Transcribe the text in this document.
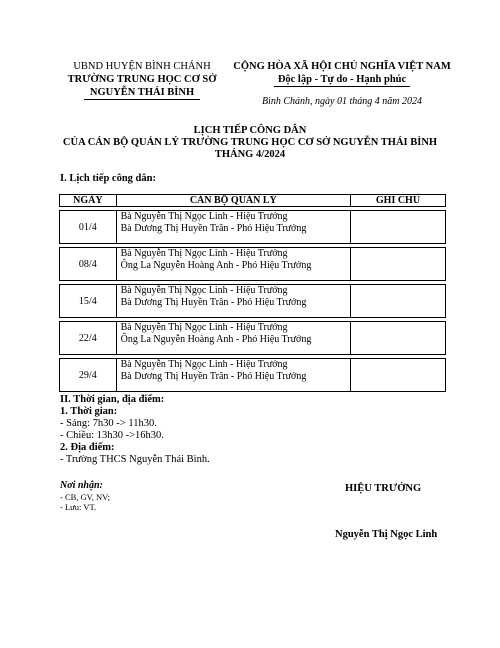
UBND HUYỆN BÌNH CHÁNH
TRƯỜNG TRUNG HỌC CƠ SỞ
NGUYỄN THÁI BÌNH
CỘNG HÒA XÃ HỘI CHỦ NGHĨA VIỆT NAM
Độc lập - Tự do - Hạnh phúc
Bình Chánh, ngày 01 tháng 4 năm 2024
LỊCH TIẾP CÔNG DÂN
CỦA CÁN BỘ QUẢN LÝ TRƯỜNG TRUNG HỌC CƠ SỞ NGUYỄN THÁI BÌNH
THÁNG 4/2024
I. Lịch tiếp công dân:
NGÀY	CÁN BỘ QUẢN LÝ	GHI CHÚ

01/4	Bà Nguyễn Thị Ngọc Linh - Hiệu Trưởng
Bà Dương Thị Huyền Trân - Phó Hiệu Trưởng	

08/4	Bà Nguyễn Thị Ngọc Linh - Hiệu Trưởng
Ông La Nguyễn Hoàng Anh - Phó Hiệu Trưởng	

15/4	Bà Nguyễn Thị Ngọc Linh - Hiệu Trưởng
Bà Dương Thị Huyền Trân - Phó Hiệu Trưởng	

22/4	Bà Nguyễn Thị Ngọc Linh - Hiệu Trưởng
Ông La Nguyễn Hoàng Anh - Phó Hiệu Trưởng	

29/4	Bà Nguyễn Thị Ngọc Linh - Hiệu Trưởng
Bà Dương Thị Huyền Trân - Phó Hiệu Trưởng	

II. Thời gian, địa điểm:
1. Thời gian:
- Sáng: 7h30 -> 11h30.
- Chiều: 13h30 ->16h30.
2. Địa điểm:
- Trường THCS Nguyễn Thái Bình.
Nơi nhận:
- CB, GV, NV;
- Lưu: VT.
HIỆU TRƯỞNG
Nguyễn Thị Ngọc Linh
